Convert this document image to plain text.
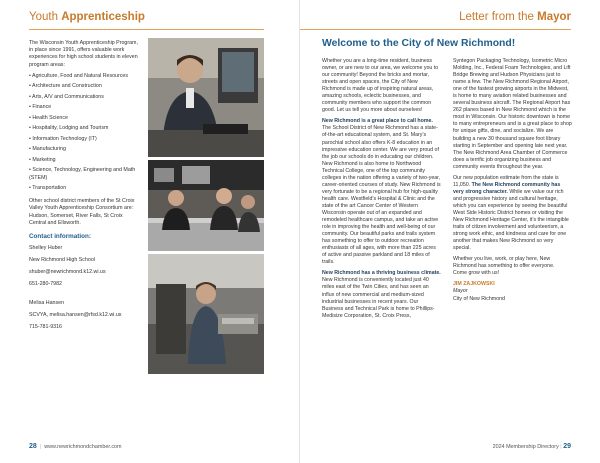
Youth Apprenticeship

The Wisconsin Youth Apprenticeship Program, in place since 1991, offers valuable work experiences for high school students in eleven program areas:

• Agriculture, Food and Natural Resources
• Architecture and Construction
• Arts, A/V and Communications
• Finance
• Health Science
• Hospitality, Lodging and Tourism
• Information Technology (IT)
• Manufacturing
• Marketing
• Science, Technology, Engineering and Math (STEM)
• Transportation

Other school district members of the St Croix Valley Youth Apprenticeship Consortium are: Hudson, Somerset, River Falls, St Croix Central and Ellsworth.

Contact information:
Shelley Huber
New Richmond High School
shuber@newrichmond.k12.wi.us
651-280-7982
Melisa Hansen
SCVYA, melisa.hansen@rfsd.k12.wi.us
715-781-9316
28  |  www.newrichmondchamber.com
Letter from the Mayor
Welcome to the City of New Richmond!

Whether you are a long-time resident, business owner, or are new to our area, we welcome you to our community! Beyond the bricks and mortar, streets and open spaces, the City of New Richmond is made up of inspiring natural areas, amazing schools, eclectic businesses, and community members who support the common good. Let us tell you more about ourselves!

New Richmond is a great place to call home. The School District of New Richmond has a state-of-the-art educational system, and St. Mary’s parochial school also offers K-8 education in an impressive education center. We are very proud of the job our schools do in educating our children. New Richmond is also home to Northwood Technical College, one of the top community colleges in the nation offering a variety of two-year, career-oriented courses of study. New Richmond is very fortunate to be a regional hub for high-quality health care. Westfield’s Hospital & Clinic and the state of the art Cancer Center of Western Wisconsin operate out of an expanded and remodeled healthcare campus, and take an active role in improving the health and well-being of our community. Our beautiful parks and trails system has something to offer to outdoor recreation enthusiasts of all ages, with more than 225 acres of active and passive parkland and 18 miles of trails.

New Richmond has a thriving business climate. New Richmond is conveniently located just 40 miles east of the Twin Cities, and has seen an influx of new commercial and medium-sized industrial businesses in recent years. Our Business and Technical Park is home to Phillips-Medisize Corporation, St. Croix Press,

Syntegon Packaging Technology, Isometric Micro Molding, Inc., Federal Foam Technologies, and Lift Bridge Brewing and Hudson Physicians just to name a few. The New Richmond Regional Airport, one of the fastest growing airports in the Midwest, is home to many aviation related businesses and several business aircraft. The Regional Airport has 262 planes based in New Richmond which is the most in Wisconsin. Our historic downtown is home to many entrepreneurs and is a great place to shop for unique gifts, dine, and socialize. We are building a new 30 thousand square foot library starting in September and opening late next year. The New Richmond Area Chamber of Commerce does a terrific job organizing business and community events throughout the year.

Our new population estimate from the state is 11,050. The New Richmond community has very strong character. While we value our rich and progressive history and cultural heritage, which you can experience by seeing the beautiful West Side Historic District homes or visiting the New Richmond Heritage Center, it’s the intangible traits of citizen involvement and volunteerism, a strong work ethic, and kindness and care for one another that makes New Richmond so very special.

Whether you live, work, or play here, New Richmond has something to offer everyone.
Come grow with us!

JIM ZAJKOWSKI
Mayor
City of New Richmond
2024 Membership Directory | 29
